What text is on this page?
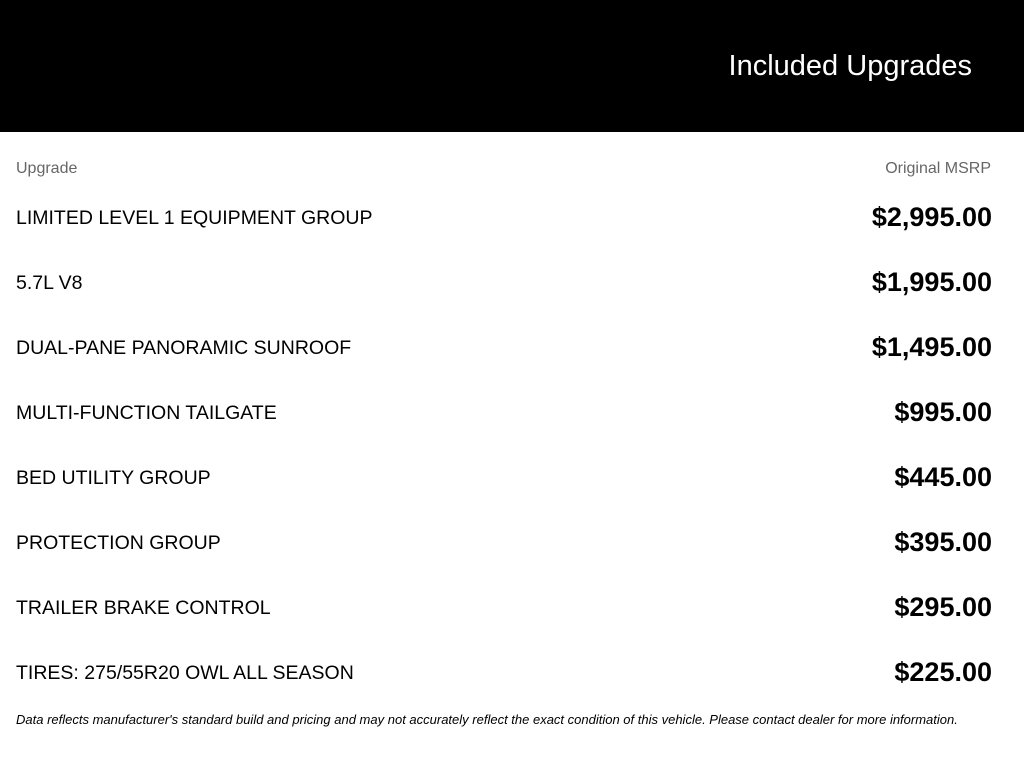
Included Upgrades
Upgrade	Original MSRP
LIMITED LEVEL 1 EQUIPMENT GROUP	$2,995.00
5.7L V8	$1,995.00
DUAL-PANE PANORAMIC SUNROOF	$1,495.00
MULTI-FUNCTION TAILGATE	$995.00
BED UTILITY GROUP	$445.00
PROTECTION GROUP	$395.00
TRAILER BRAKE CONTROL	$295.00
TIRES: 275/55R20 OWL ALL SEASON	$225.00
Data reflects manufacturer's standard build and pricing and may not accurately reflect the exact condition of this vehicle. Please contact dealer for more information.
